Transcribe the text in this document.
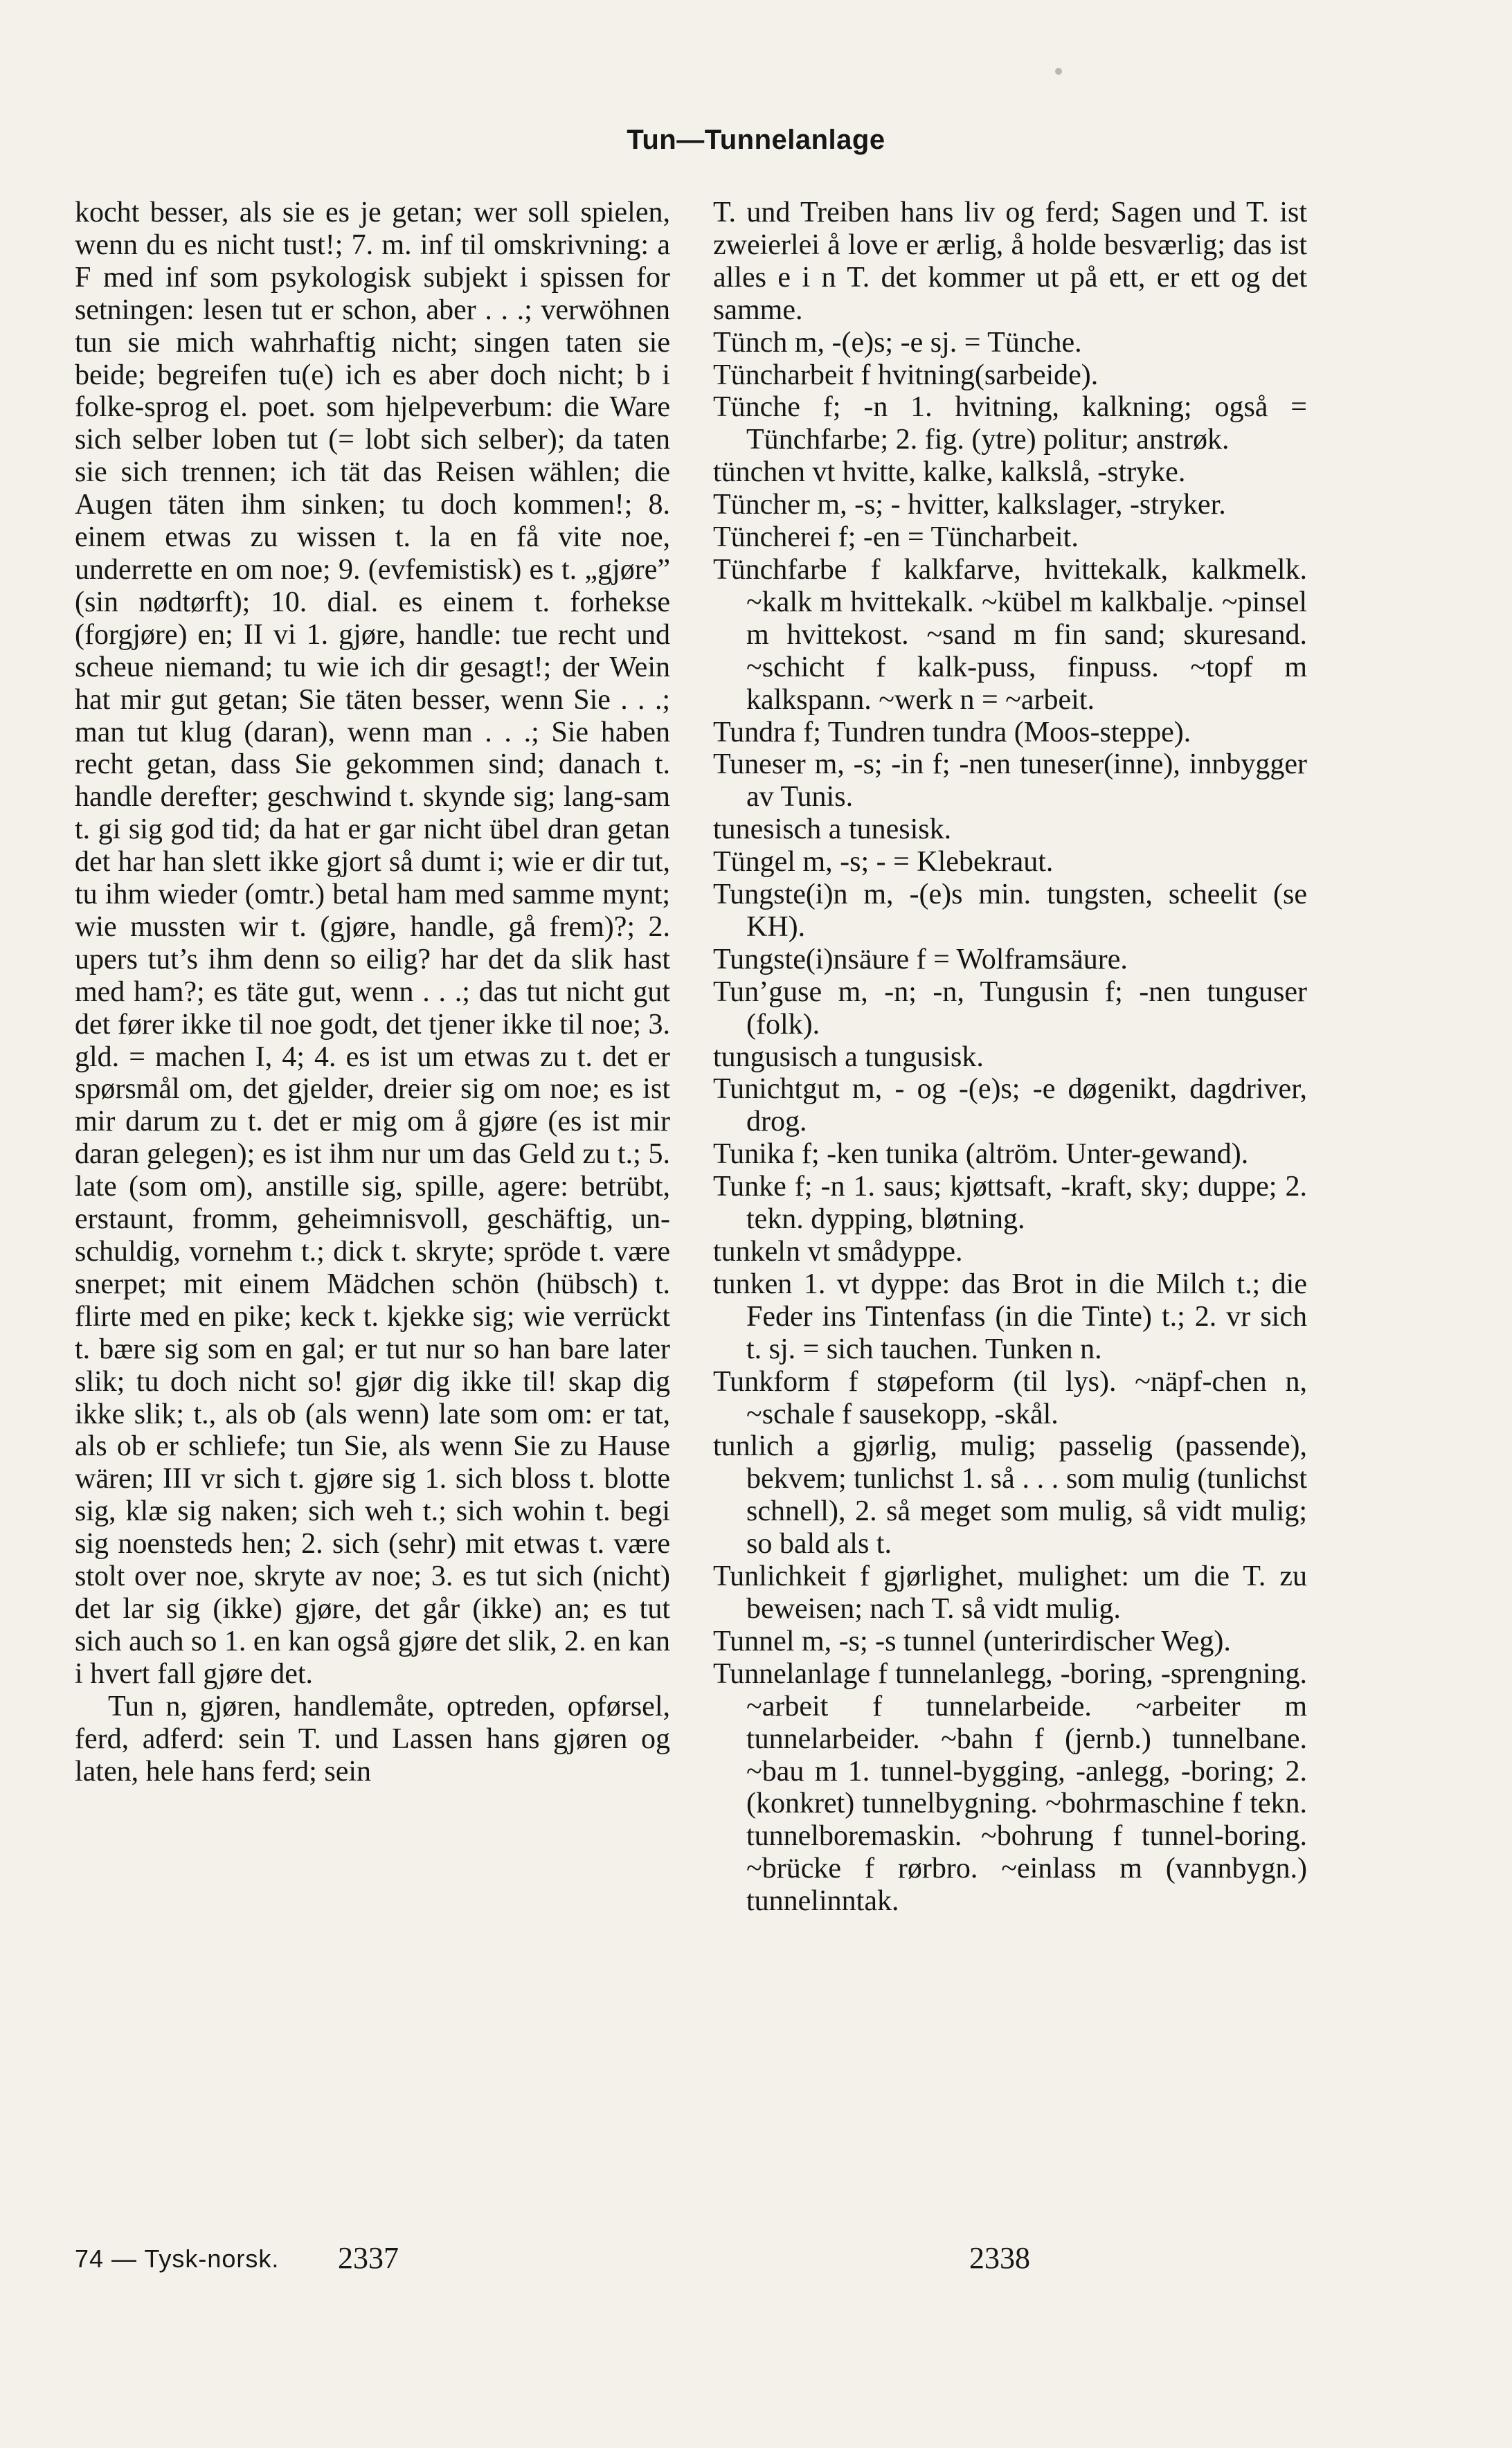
Tun—Tunnelanlage

kocht besser, als sie es je getan; wer soll spielen, wenn du es nicht tust!; 7. m. inf til omskrivning: a F med inf som psykologisk subjekt i spissen for setningen: lesen tut er schon, aber . . .; verwöhnen tun sie mich wahrhaftig nicht; singen taten sie beide; begreifen tu(e) ich es aber doch nicht; b i folke-sprog el. poet. som hjelpeverbum: die Ware sich selber loben tut (= lobt sich selber); da taten sie sich trennen; ich tät das Reisen wählen; die Augen täten ihm sinken; tu doch kommen!; 8. einem etwas zu wissen t. la en få vite noe, underrette en om noe; 9. (evfemistisk) es t. „gjøre” (sin nødtørft); 10. dial. es einem t. forhekse (forgjøre) en; II vi 1. gjøre, handle: tue recht und scheue niemand; tu wie ich dir gesagt!; der Wein hat mir gut getan; Sie täten besser, wenn Sie . . .; man tut klug (daran), wenn man . . .; Sie haben recht getan, dass Sie gekommen sind; danach t. handle derefter; geschwind t. skynde sig; lang-sam t. gi sig god tid; da hat er gar nicht übel dran getan det har han slett ikke gjort så dumt i; wie er dir tut, tu ihm wieder (omtr.) betal ham med samme mynt; wie mussten wir t. (gjøre, handle, gå frem)?; 2. upers tut’s ihm denn so eilig? har det da slik hast med ham?; es täte gut, wenn . . .; das tut nicht gut det fører ikke til noe godt, det tjener ikke til noe; 3. gld. = machen I, 4; 4. es ist um etwas zu t. det er spørsmål om, det gjelder, dreier sig om noe; es ist mir darum zu t. det er mig om å gjøre (es ist mir daran gelegen); es ist ihm nur um das Geld zu t.; 5. late (som om), anstille sig, spille, agere: betrübt, erstaunt, fromm, geheimnisvoll, geschäftig, un-schuldig, vornehm t.; dick t. skryte; spröde t. være snerpet; mit einem Mädchen schön (hübsch) t. flirte med en pike; keck t. kjekke sig; wie verrückt t. bære sig som en gal; er tut nur so han bare later slik; tu doch nicht so! gjør dig ikke til! skap dig ikke slik; t., als ob (als wenn) late som om: er tat, als ob er schliefe; tun Sie, als wenn Sie zu Hause wären; III vr sich t. gjøre sig 1. sich bloss t. blotte sig, klæ sig naken; sich weh t.; sich wohin t. begi sig noensteds hen; 2. sich (sehr) mit etwas t. være stolt over noe, skryte av noe; 3. es tut sich (nicht) det lar sig (ikke) gjøre, det går (ikke) an; es tut sich auch so 1. en kan også gjøre det slik, 2. en kan i hvert fall gjøre det.

Tun n, gjøren, handlemåte, optreden, opførsel, ferd, adferd: sein T. und Lassen hans gjøren og laten, hele hans ferd; sein

T. und Treiben hans liv og ferd; Sagen und T. ist zweierlei å love er ærlig, å holde besværlig; das ist alles e i n T. det kommer ut på ett, er ett og det samme.

Tünch m, -(e)s; -e sj. = Tünche.

Tüncharbeit f hvitning(sarbeide).

Tünche f; -n 1. hvitning, kalkning; også = Tünchfarbe; 2. fig. (ytre) politur; anstrøk.

tünchen vt hvitte, kalke, kalkslå, -stryke.

Tüncher m, -s; - hvitter, kalkslager, -stryker.

Tüncherei f; -en = Tüncharbeit.

Tünchfarbe f kalkfarve, hvittekalk, kalkmelk. ~kalk m hvittekalk. ~kübel m kalkbalje. ~pinsel m hvittekost. ~sand m fin sand; skuresand. ~schicht f kalk-puss, finpuss. ~topf m kalkspann. ~werk n = ~arbeit.

Tundra f; Tundren tundra (Moos-steppe).

Tuneser m, -s; -in f; -nen tuneser(inne), innbygger av Tunis.

tunesisch a tunesisk.

Tüngel m, -s; - = Klebekraut.

Tungste(i)n m, -(e)s min. tungsten, scheelit (se KH).

Tungste(i)nsäure f = Wolframsäure.

Tun’guse m, -n; -n, Tungusin f; -nen tunguser (folk).

tungusisch a tungusisk.

Tunichtgut m, - og -(e)s; -e døgenikt, dagdriver, drog.

Tunika f; -ken tunika (altröm. Unter-gewand).

Tunke f; -n 1. saus; kjøttsaft, -kraft, sky; duppe; 2. tekn. dypping, bløtning.

tunkeln vt smådyppe.

tunken 1. vt dyppe: das Brot in die Milch t.; die Feder ins Tintenfass (in die Tinte) t.; 2. vr sich t. sj. = sich tauchen. Tunken n.

Tunkform f støpeform (til lys). ~näpf-chen n, ~schale f sausekopp, -skål.

tunlich a gjørlig, mulig; passelig (passende), bekvem; tunlichst 1. så . . . som mulig (tunlichst schnell), 2. så meget som mulig, så vidt mulig; so bald als t.

Tunlichkeit f gjørlighet, mulighet: um die T. zu beweisen; nach T. så vidt mulig.

Tunnel m, -s; -s tunnel (unterirdischer Weg).

Tunnelanlage f tunnelanlegg, -boring, -sprengning. ~arbeit f tunnelarbeide. ~arbeiter m tunnelarbeider. ~bahn f (jernb.) tunnelbane. ~bau m 1. tunnel-bygging, -anlegg, -boring; 2. (konkret) tunnelbygning. ~bohrmaschine f tekn. tunnelboremaskin. ~bohrung f tunnel-boring. ~brücke f rørbro. ~einlass m (vannbygn.) tunnelinntak.

74 — Tysk-norsk. 2337	2338
